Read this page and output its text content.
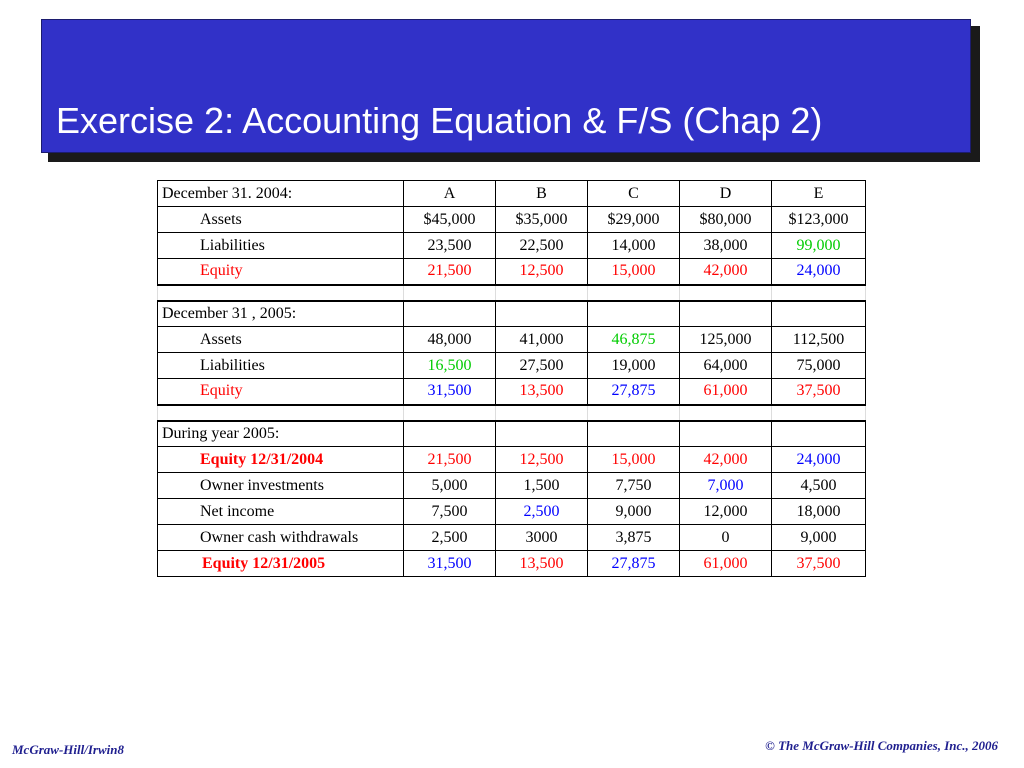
Exercise 2: Accounting Equation & F/S (Chap 2)
December 31. 2004:	A	B	C	D	E
Assets	$45,000	$35,000	$29,000	$80,000	$123,000
Liabilities	23,500	22,500	14,000	38,000	99,000
Equity	21,500	12,500	15,000	42,000	24,000

December 31 , 2005:					
Assets	48,000	41,000	46,875	125,000	112,500
Liabilities	16,500	27,500	19,000	64,000	75,000
Equity	31,500	13,500	27,875	61,000	37,500

During year 2005:					
Equity 12/31/2004	21,500	12,500	15,000	42,000	24,000
Owner investments	5,000	1,500	7,750	7,000	4,500
Net income	7,500	2,500	9,000	12,000	18,000
Owner cash withdrawals	2,500	3000	3,875	0	9,000
Equity 12/31/2005	31,500	13,500	27,875	61,000	37,500
McGraw-Hill/Irwin8	© The McGraw-Hill Companies, Inc., 2006
